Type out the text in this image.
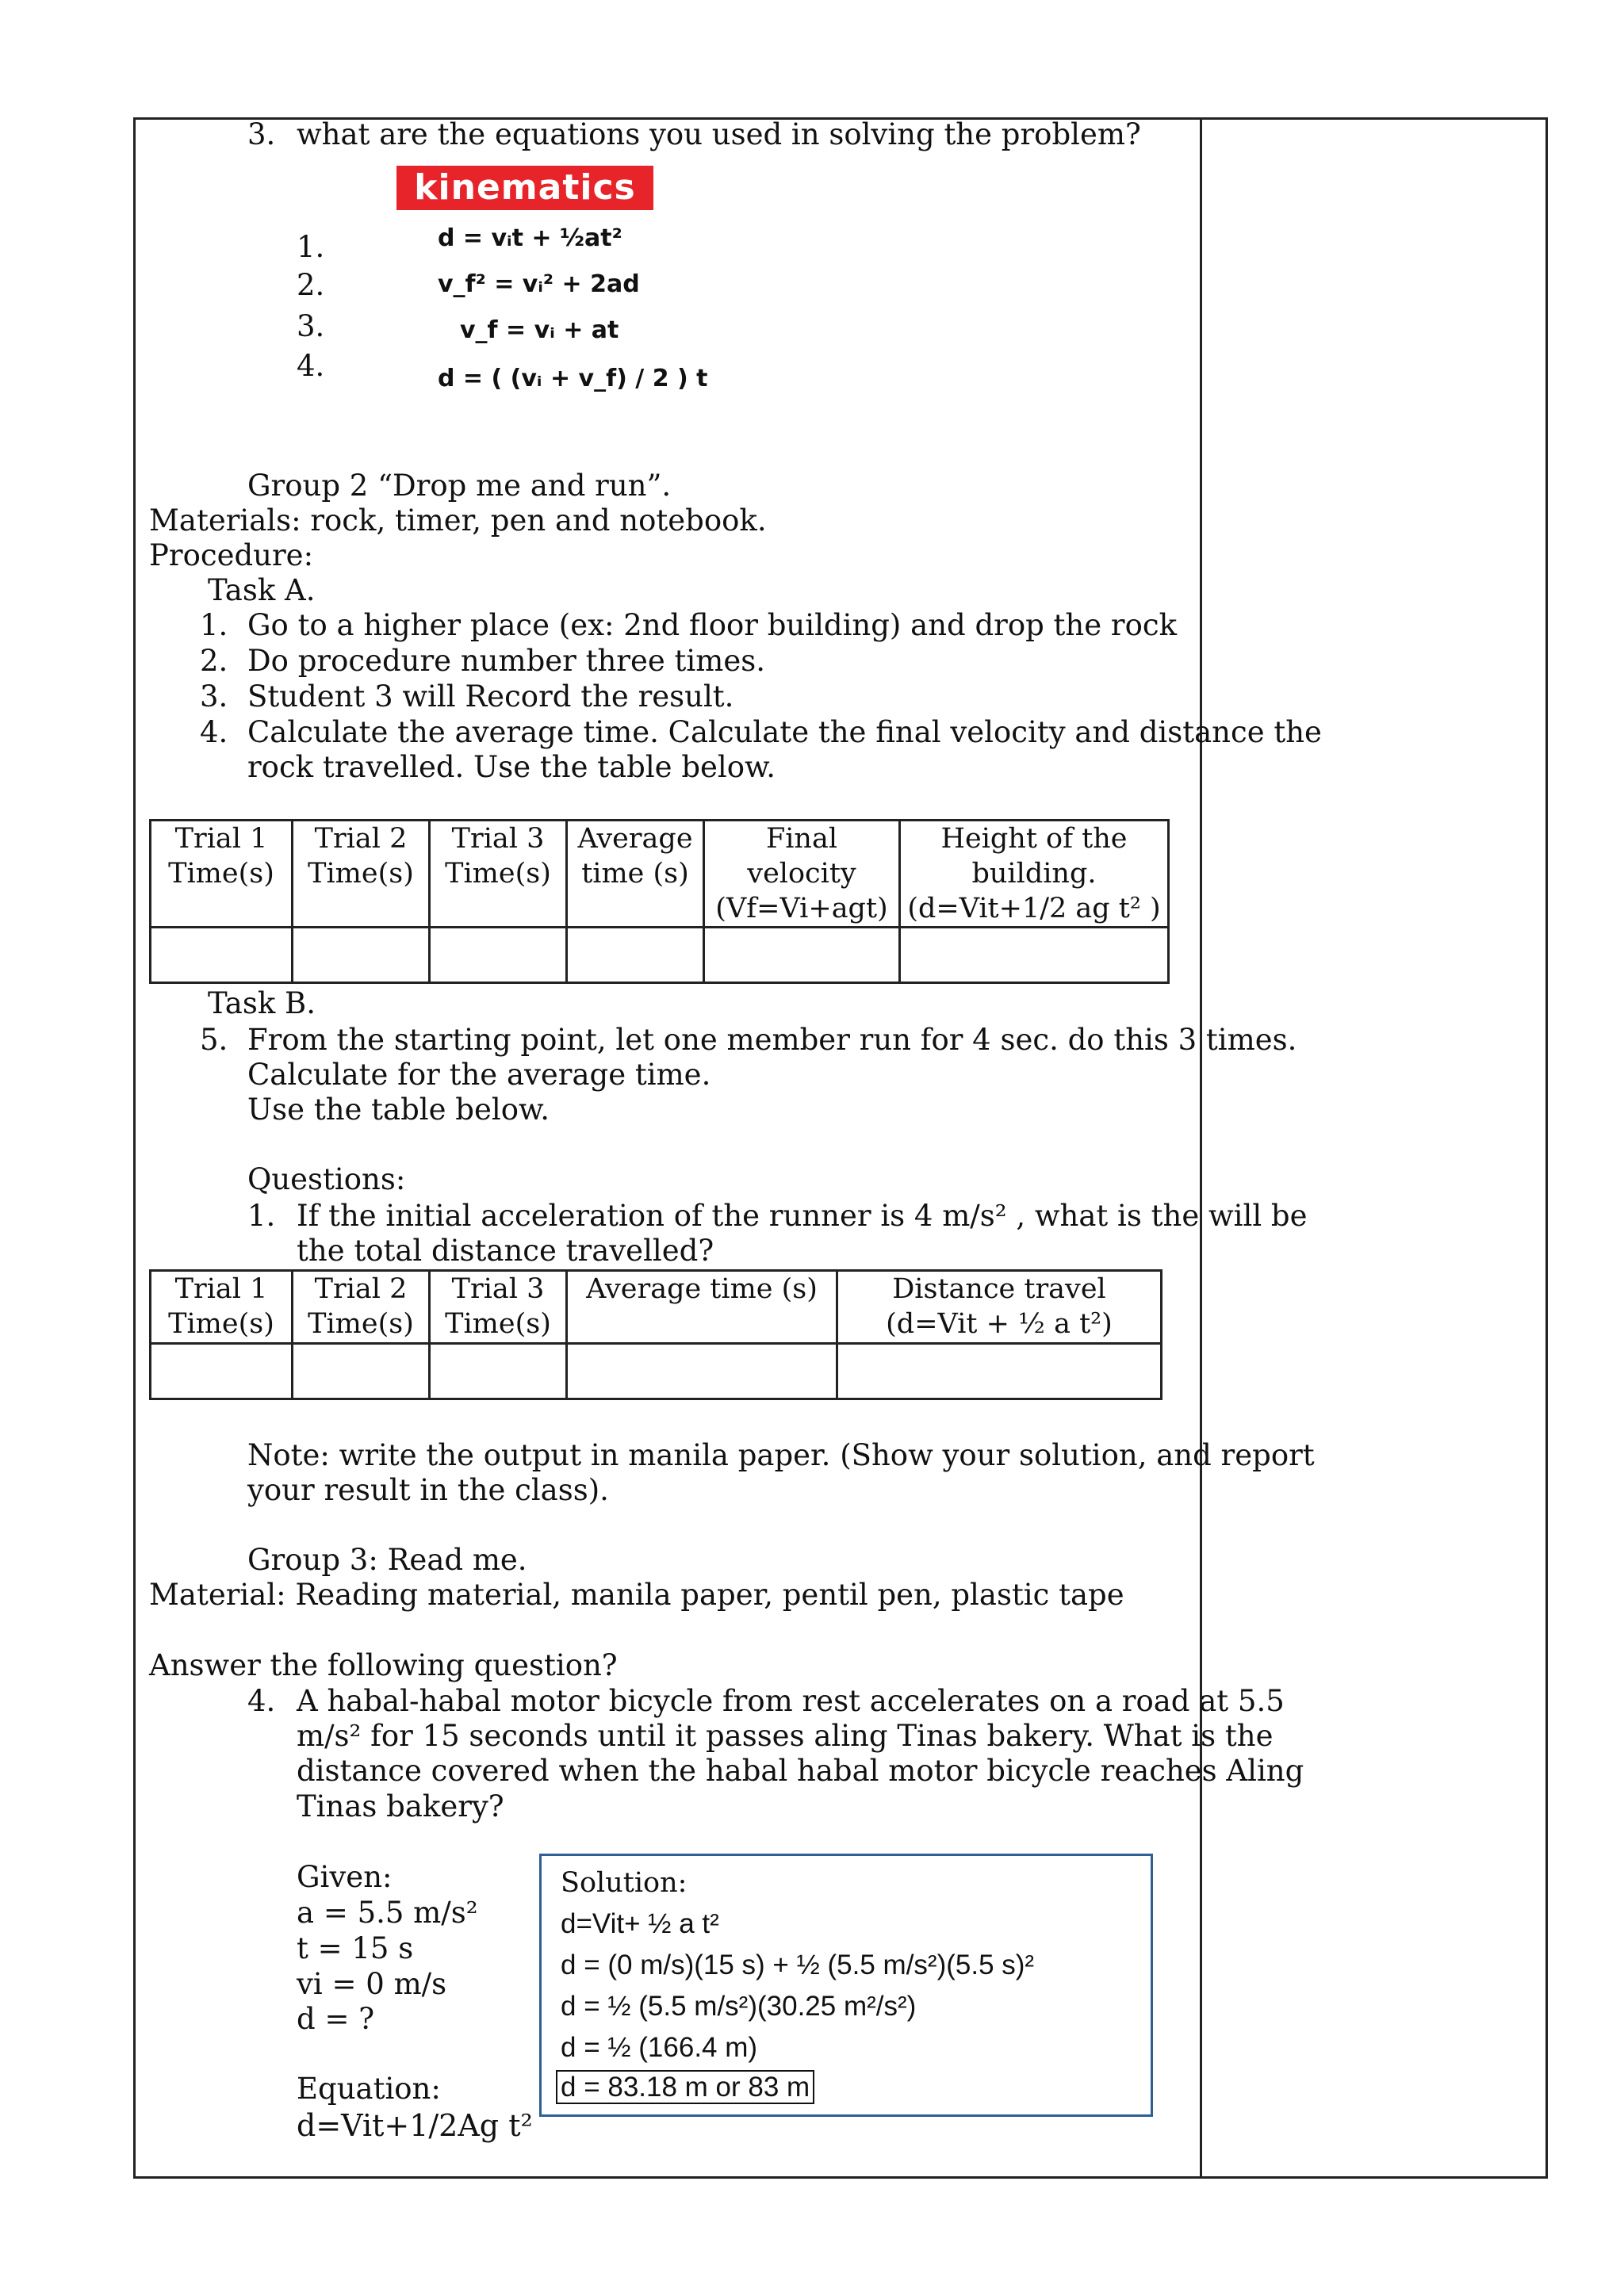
3. what are the equations you used in solving the problem?
kinematics
1.
2.
3.
4.
d = vᵢt + ½at²
v_f² = vᵢ² + 2ad
v_f = vᵢ + at
d = ( (vᵢ + v_f) / 2 ) t
Group 2 “Drop me and run”.
Materials: rock, timer, pen and notebook.
Procedure:
Task A.
1. Go to a higher place (ex: 2nd floor building) and drop the rock
2. Do procedure number three times.
3. Student 3 will Record the result.
4. Calculate the average time. Calculate the final velocity and distance the
rock travelled. Use the table below.
Trial 1
Time(s)	Trial 2
Time(s)	Trial 3
Time(s)	Average
time (s)	Final
velocity
(Vf=Vi+agt)	Height of the
building.
(d=Vit+1/2 ag t² )

Task B.
5. From the starting point, let one member run for 4 sec. do this 3 times.
Calculate for the average time.
Use the table below.
Questions:
1. If the initial acceleration of the runner is 4 m/s² , what is the will be
the total distance travelled?
Trial 1
Time(s)	Trial 2
Time(s)	Trial 3
Time(s)	Average time (s)	Distance travel
(d=Vit + ½ a t²)

Note: write the output in manila paper. (Show your solution, and report
your result in the class).
Group 3: Read me.
Material: Reading material, manila paper, pentil pen, plastic tape
Answer the following question?
4. A habal-habal motor bicycle from rest accelerates on a road at 5.5
m/s² for 15 seconds until it passes aling Tinas bakery. What is the
distance covered when the habal habal motor bicycle reaches Aling
Tinas bakery?
Given:
a = 5.5 m/s²
t = 15 s
vi = 0 m/s
d = ?
Equation:
d=Vit+1/2Ag t²
Solution:
d=Vit+ ½ a t²
d = (0 m/s)(15 s) + ½ (5.5 m/s²)(5.5 s)²
d = ½ (5.5 m/s²)(30.25 m²/s²)
d = ½ (166.4 m)
d = 83.18 m or 83 m
